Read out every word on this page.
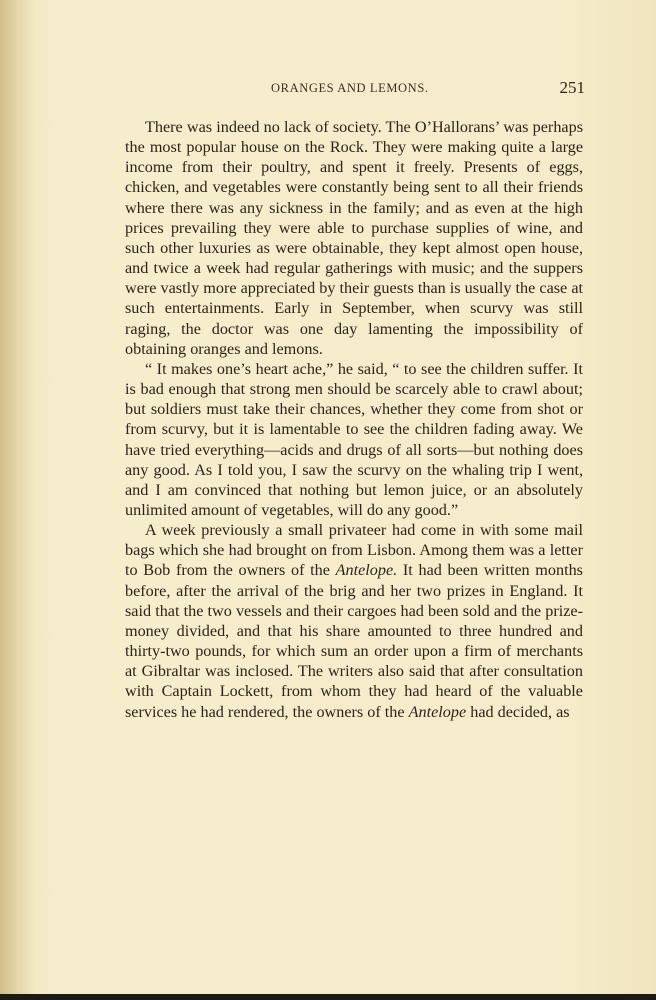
ORANGES AND LEMONS.	251

There was indeed no lack of society. The O’Hallorans’ was perhaps the most popular house on the Rock. They were making quite a large income from their poultry, and spent it freely. Presents of eggs, chicken, and vegetables were constantly being sent to all their friends where there was any sickness in the family; and as even at the high prices prevailing they were able to purchase supplies of wine, and such other luxuries as were obtainable, they kept almost open house, and twice a week had regular gatherings with music; and the suppers were vastly more appreciated by their guests than is usually the case at such entertainments. Early in September, when scurvy was still raging, the doctor was one day lamenting the impossibility of obtaining oranges and lemons.

“ It makes one’s heart ache,” he said, “ to see the children suffer. It is bad enough that strong men should be scarcely able to crawl about; but soldiers must take their chances, whether they come from shot or from scurvy, but it is lamentable to see the children fading away. We have tried everything—acids and drugs of all sorts—but nothing does any good. As I told you, I saw the scurvy on the whaling trip I went, and I am convinced that nothing but lemon juice, or an absolutely unlimited amount of vegetables, will do any good.”

A week previously a small privateer had come in with some mail bags which she had brought on from Lisbon. Among them was a letter to Bob from the owners of the Antelope. It had been written months before, after the arrival of the brig and her two prizes in England. It said that the two vessels and their cargoes had been sold and the prize-money divided, and that his share amounted to three hundred and thirty-two pounds, for which sum an order upon a firm of merchants at Gibraltar was inclosed. The writers also said that after consultation with Captain Lockett, from whom they had heard of the valuable services he had rendered, the owners of the Antelope had decided, as
